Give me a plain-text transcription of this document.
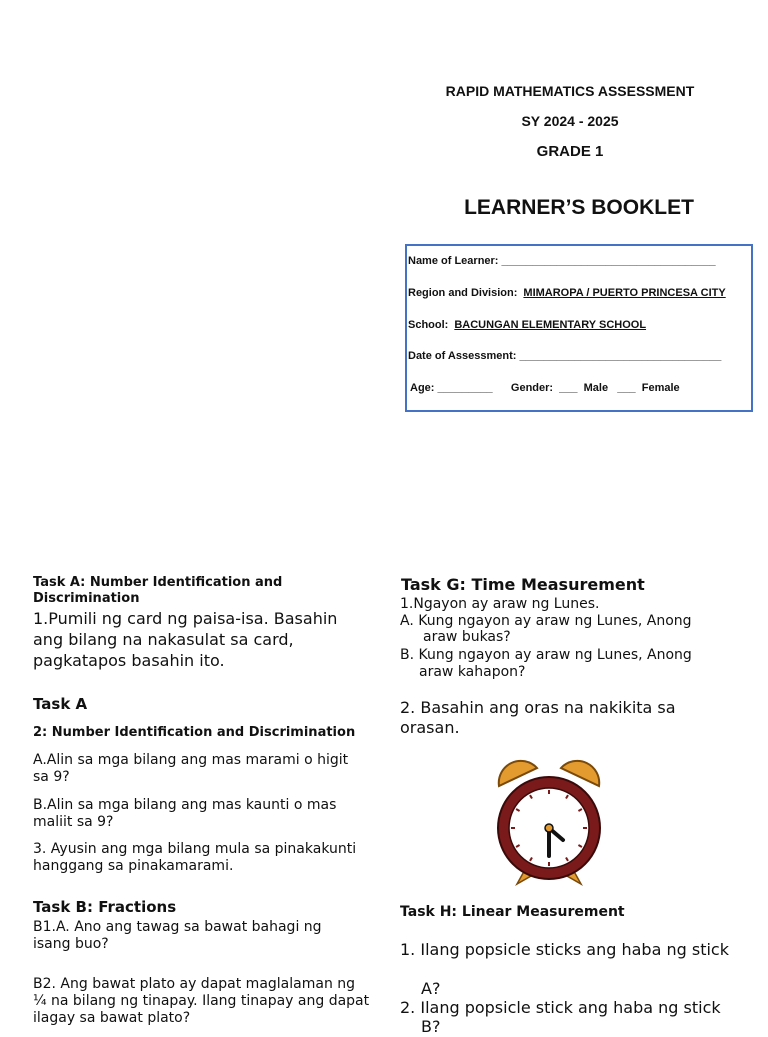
RAPID MATHEMATICS ASSESSMENT
SY 2024 - 2025
GRADE 1
LEARNER’S BOOKLET
Name of Learner: ___________________________________
Region and Division: MIMAROPA / PUERTO PRINCESA CITY
School: BACUNGAN ELEMENTARY SCHOOL
Date of Assessment: _________________________________
Age: _________      Gender:  ___  Male   ___  Female
Task A: Number Identification and Discrimination
1.Pumili ng card ng paisa-isa. Basahin ang bilang na nakasulat sa card, pagkatapos basahin ito.
Task A
2: Number Identification and Discrimination
A.Alin sa mga bilang ang mas marami o higit sa 9?
B.Alin sa mga bilang ang mas kaunti o mas maliit sa 9?
3. Ayusin ang mga bilang mula sa pinakakunti hanggang sa pinakamarami.
Task B: Fractions
B1.A. Ano ang tawag sa bawat bahagi ng isang buo?
B2. Ang bawat plato ay dapat maglalaman ng ¼ na bilang ng tinapay. Ilang tinapay ang dapat ilagay sa bawat plato?
Task G: Time Measurement
1.Ngayon ay araw ng Lunes.
A. Kung ngayon ay araw ng Lunes, Anong
araw bukas?
B. Kung ngayon ay araw ng Lunes, Anong
araw kahapon?
2. Basahin ang oras na nakikita sa orasan.
Task H: Linear Measurement
1. Ilang popsicle sticks ang haba ng stick
A?
2. Ilang popsicle stick ang haba ng stick
B?
